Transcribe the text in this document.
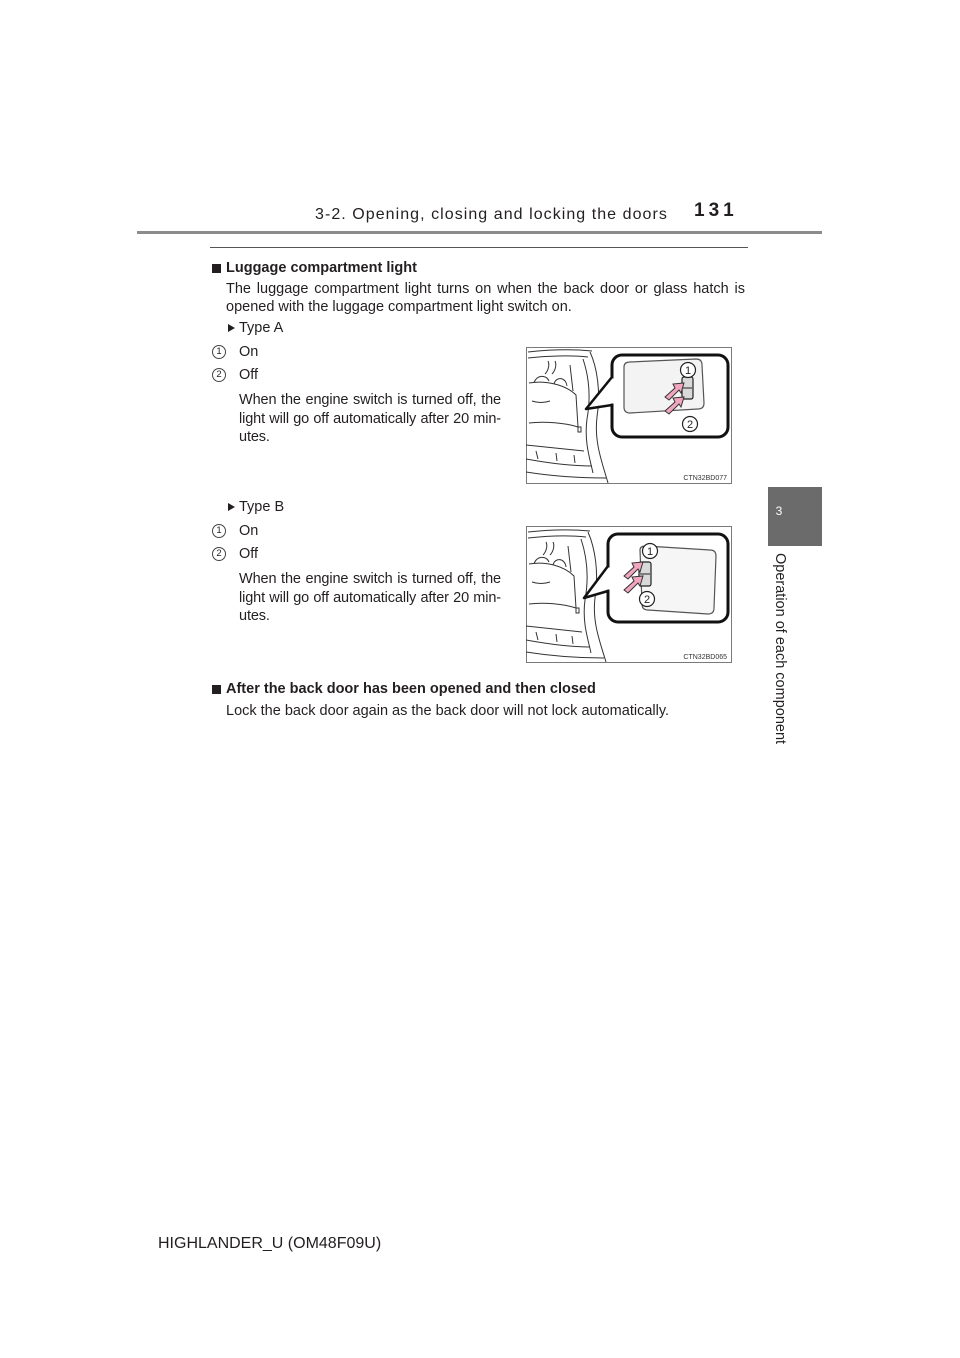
3-2. Opening, closing and locking the doors 131
3
Operation of each component
Luggage compartment light
The luggage compartment light turns on when the back door or glass hatch is
opened with the luggage compartment light switch on.
Type A
1	On
2	Off
When the engine switch is turned off, the
light will go off automatically after 20 min-
utes.
1
2
CTN32BD077
Type B
1	On
2	Off
When the engine switch is turned off, the
light will go off automatically after 20 min-
utes.
1
2
CTN32BD065
After the back door has been opened and then closed
Lock the back door again as the back door will not lock automatically.
HIGHLANDER_U (OM48F09U)
